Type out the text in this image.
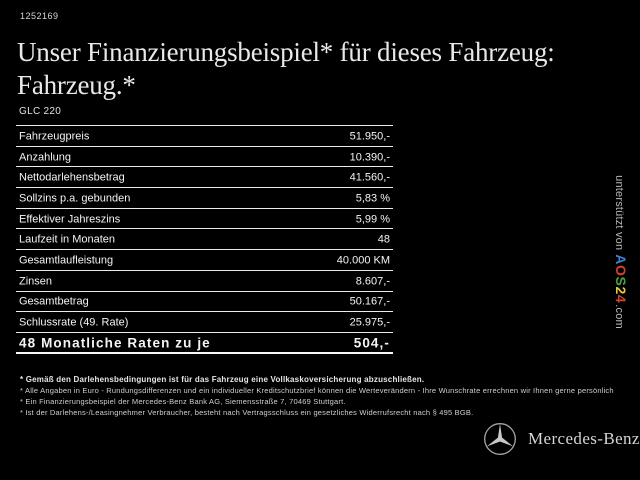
1252169
Unser Finanzierungsbeispiel* für dieses Fahrzeug:
Fahrzeug.*
GLC 220
Fahrzeugpreis	51.950,-
Anzahlung	10.390,-
Nettodarlehensbetrag	41.560,-
Sollzins p.a. gebunden	5,83 %
Effektiver Jahreszins	5,99 %
Laufzeit in Monaten	48
Gesamtlaufleistung	40.000 KM
Zinsen	8.607,-
Gesamtbetrag	50.167,-
Schlussrate (49. Rate)	25.975,-
48 Monatliche Raten zu je	504,-

* Gemäß den Darlehensbedingungen ist für das Fahrzeug eine Vollkaskoversicherung abzuschließen.

* Alle Angaben in Euro - Rundungsdifferenzen und ein individueller Kreditschutzbrief können die Werteverändern - Ihre Wunschrate errechnen wir Ihnen gerne persönlich

* Ein Finanzierungsbeispiel der Mercedes-Benz Bank AG, Siemensstraße 7, 70469 Stuttgart.

* Ist der Darlehens-/Leasingnehmer Verbraucher, besteht nach Vertragsschluss ein gesetzliches Widerrufsrecht nach § 495 BGB.

unterstützt vonAOS24.com
Mercedes-Benz
